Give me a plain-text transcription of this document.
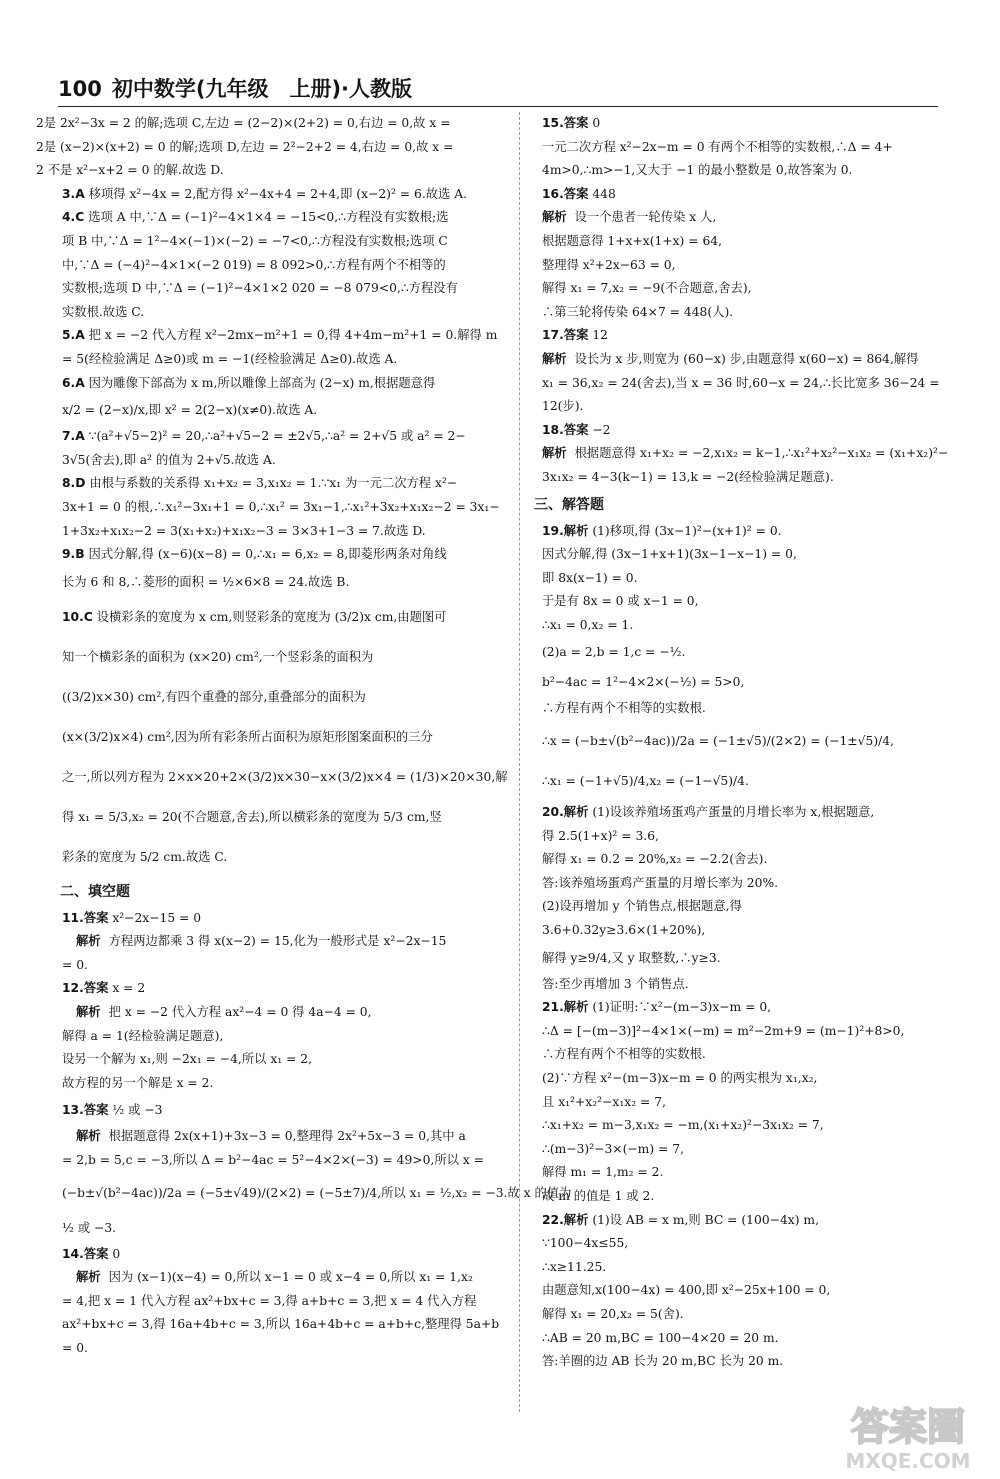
100 初中数学(九年级　上册)·人教版
2是 2x²−3x = 2 的解;选项 C,左边 = (2−2)×(2+2) = 0,右边 = 0,故 x =
2是 (x−2)×(x+2) = 0 的解;选项 D,左边 = 2²−2+2 = 4,右边 = 0,故 x =
2 不是 x²−x+2 = 0 的解.故选 D.
3.A 移项得 x²−4x = 2,配方得 x²−4x+4 = 2+4,即 (x−2)² = 6.故选 A.
4.C 选项 A 中,∵Δ = (−1)²−4×1×4 = −15<0,∴方程没有实数根;选
项 B 中,∵Δ = 1²−4×(−1)×(−2) = −7<0,∴方程没有实数根;选项 C
中,∵Δ = (−4)²−4×1×(−2 019) = 8 092>0,∴方程有两个不相等的
实数根;选项 D 中,∵Δ = (−1)²−4×1×2 020 = −8 079<0,∴方程没有
实数根.故选 C.
5.A 把 x = −2 代入方程 x²−2mx−m²+1 = 0,得 4+4m−m²+1 = 0.解得 m
= 5(经检验满足 Δ≥0)或 m = −1(经检验满足 Δ≥0).故选 A.
6.A 因为雕像下部高为 x m,所以雕像上部高为 (2−x) m,根据题意得
x/2 = (2−x)/x,即 x² = 2(2−x)(x≠0).故选 A.
7.A ∵(a²+√5−2)² = 20,∴a²+√5−2 = ±2√5,∴a² = 2+√5 或 a² = 2−
3√5(舍去),即 a² 的值为 2+√5.故选 A.
8.D 由根与系数的关系得 x₁+x₂ = 3,x₁x₂ = 1.∵x₁ 为一元二次方程 x²−
3x+1 = 0 的根,∴x₁²−3x₁+1 = 0,∴x₁² = 3x₁−1,∴x₁²+3x₂+x₁x₂−2 = 3x₁−
1+3x₂+x₁x₂−2 = 3(x₁+x₂)+x₁x₂−3 = 3×3+1−3 = 7.故选 D.
9.B 因式分解,得 (x−6)(x−8) = 0,∴x₁ = 6,x₂ = 8,即菱形两条对角线
长为 6 和 8,∴菱形的面积 = ½×6×8 = 24.故选 B.
10.C 设横彩条的宽度为 x cm,则竖彩条的宽度为 (3/2)x cm,由题图可
知一个横彩条的面积为 (x×20) cm²,一个竖彩条的面积为
((3/2)x×30) cm²,有四个重叠的部分,重叠部分的面积为
(x×(3/2)x×4) cm²,因为所有彩条所占面积为原矩形图案面积的三分
之一,所以列方程为 2×x×20+2×(3/2)x×30−x×(3/2)x×4 = (1/3)×20×30,解
得 x₁ = 5/3,x₂ = 20(不合题意,舍去),所以横彩条的宽度为 5/3 cm,竖
彩条的宽度为 5/2 cm.故选 C.
二、填空题
11.答案 x²−2x−15 = 0
解析 方程两边都乘 3 得 x(x−2) = 15,化为一般形式是 x²−2x−15
= 0.
12.答案 x = 2
解析 把 x = −2 代入方程 ax²−4 = 0 得 4a−4 = 0,
解得 a = 1(经检验满足题意),
设另一个解为 x₁,则 −2x₁ = −4,所以 x₁ = 2,
故方程的另一个解是 x = 2.
13.答案 ½ 或 −3
解析 根据题意得 2x(x+1)+3x−3 = 0,整理得 2x²+5x−3 = 0,其中 a
= 2,b = 5,c = −3,所以 Δ = b²−4ac = 5²−4×2×(−3) = 49>0,所以 x =
(−b±√(b²−4ac))/2a = (−5±√49)/(2×2) = (−5±7)/4,所以 x₁ = ½,x₂ = −3.故 x 的值为
½ 或 −3.
14.答案 0
解析 因为 (x−1)(x−4) = 0,所以 x−1 = 0 或 x−4 = 0,所以 x₁ = 1,x₂
= 4,把 x = 1 代入方程 ax²+bx+c = 3,得 a+b+c = 3,把 x = 4 代入方程
ax²+bx+c = 3,得 16a+4b+c = 3,所以 16a+4b+c = a+b+c,整理得 5a+b
= 0.
15.答案 0
一元二次方程 x²−2x−m = 0 有两个不相等的实数根,∴Δ = 4+
4m>0,∴m>−1,又大于 −1 的最小整数是 0,故答案为 0.
16.答案 448
解析 设一个患者一轮传染 x 人,
根据题意得 1+x+x(1+x) = 64,
整理得 x²+2x−63 = 0,
解得 x₁ = 7,x₂ = −9(不合题意,舍去),
∴第三轮将传染 64×7 = 448(人).
17.答案 12
解析 设长为 x 步,则宽为 (60−x) 步,由题意得 x(60−x) = 864,解得
x₁ = 36,x₂ = 24(舍去),当 x = 36 时,60−x = 24,∴长比宽多 36−24 =
12(步).
18.答案 −2
解析 根据题意得 x₁+x₂ = −2,x₁x₂ = k−1,∴x₁²+x₂²−x₁x₂ = (x₁+x₂)²−
3x₁x₂ = 4−3(k−1) = 13,k = −2(经检验满足题意).
三、解答题
19.解析 (1)移项,得 (3x−1)²−(x+1)² = 0.
因式分解,得 (3x−1+x+1)(3x−1−x−1) = 0,
即 8x(x−1) = 0.
于是有 8x = 0 或 x−1 = 0,
∴x₁ = 0,x₂ = 1.
(2)a = 2,b = 1,c = −½.
b²−4ac = 1²−4×2×(−½) = 5>0,
∴方程有两个不相等的实数根.
∴x = (−b±√(b²−4ac))/2a = (−1±√5)/(2×2) = (−1±√5)/4,
∴x₁ = (−1+√5)/4,x₂ = (−1−√5)/4.
20.解析 (1)设该养殖场蛋鸡产蛋量的月增长率为 x,根据题意,
得 2.5(1+x)² = 3.6,
解得 x₁ = 0.2 = 20%,x₂ = −2.2(舍去).
答:该养殖场蛋鸡产蛋量的月增长率为 20%.
(2)设再增加 y 个销售点,根据题意,得
3.6+0.32y≥3.6×(1+20%),
解得 y≥9/4,又 y 取整数,∴y≥3.
答:至少再增加 3 个销售点.
21.解析 (1)证明:∵x²−(m−3)x−m = 0,
∴Δ = [−(m−3)]²−4×1×(−m) = m²−2m+9 = (m−1)²+8>0,
∴方程有两个不相等的实数根.
(2)∵方程 x²−(m−3)x−m = 0 的两实根为 x₁,x₂,
且 x₁²+x₂²−x₁x₂ = 7,
∴x₁+x₂ = m−3,x₁x₂ = −m,(x₁+x₂)²−3x₁x₂ = 7,
∴(m−3)²−3×(−m) = 7,
解得 m₁ = 1,m₂ = 2.
故 m 的值是 1 或 2.
22.解析 (1)设 AB = x m,则 BC = (100−4x) m,
∵100−4x≤55,
∴x≥11.25.
由题意知,x(100−4x) = 400,即 x²−25x+100 = 0,
解得 x₁ = 20,x₂ = 5(舍).
∴AB = 20 m,BC = 100−4×20 = 20 m.
答:羊圈的边 AB 长为 20 m,BC 长为 20 m.
答案圈
MXQE.COM
